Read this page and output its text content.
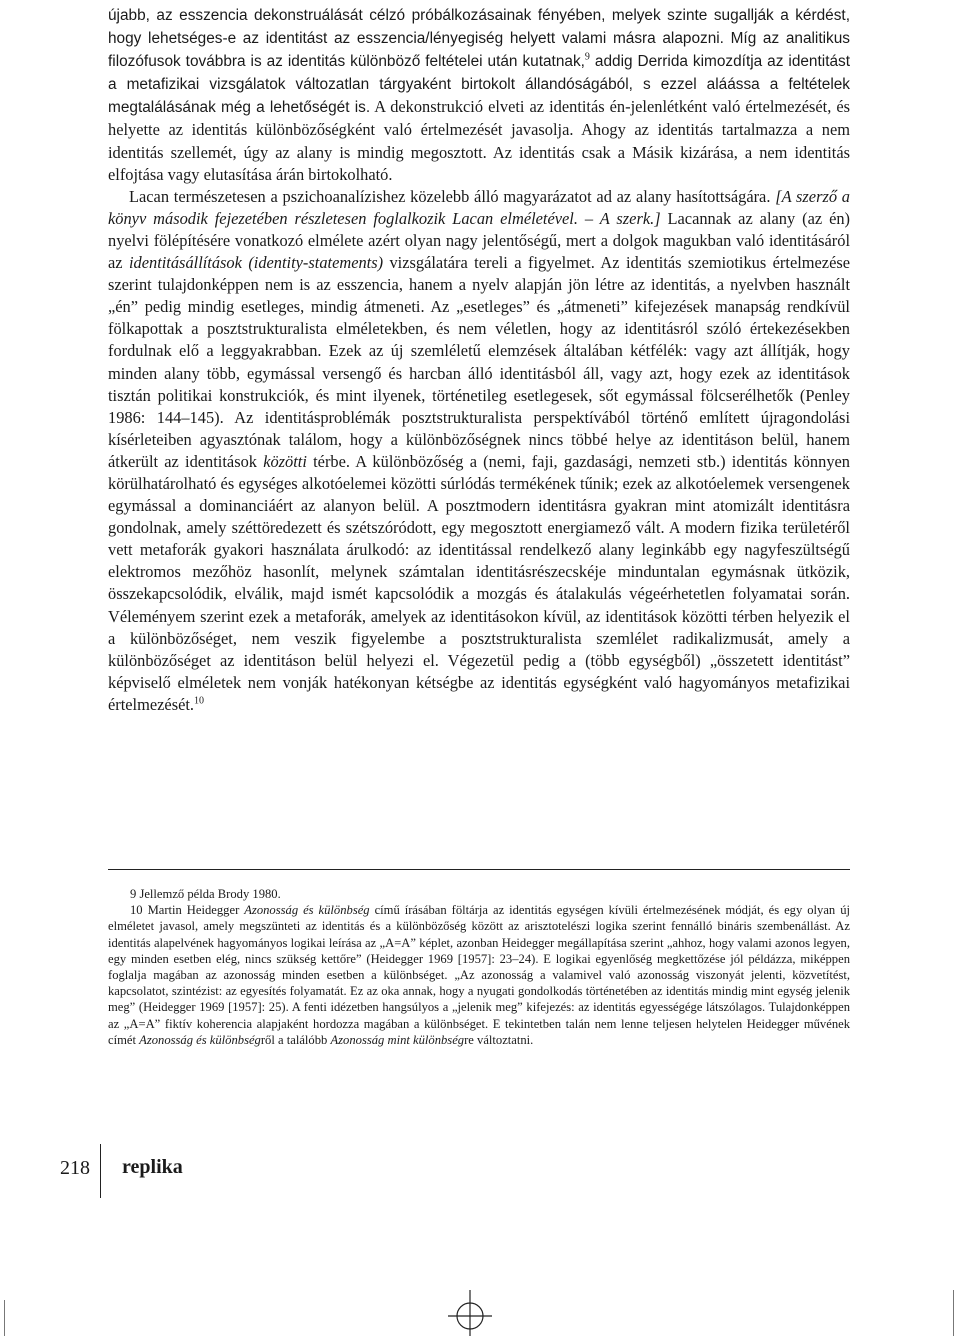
újabb, az esszencia dekonstruálását célzó próbálkozásainak fényében, melyek szinte sugallják a kérdést, hogy lehetséges-e az identitást az esszencia/lényegiség helyett valami másra alapozni. Míg az analitikus filozófusok továbbra is az identitás különböző feltételei után kutatnak,$^9$ addig Derrida kimozdítja az identitást a metafizikai vizsgálatok változatlan tárgyaként birtokolt állandóságából, s ezzel aláássa a feltételek megtalálásának még a lehetőségét is. A dekonstrukció elveti az identitás én-jelenlétként való értelmezését, és helyette az identitás különbözőségként való értelmezését javasolja. Ahogy az identitás tartalmazza a nem identitás szellemét, úgy az alany is mindig megosztott. Az identitás csak a Másik kizárása, a nem identitás elfojtása vagy elutasítása árán birtokolható.

Lacan természetesen a pszichoanalízishez közelebb álló magyarázatot ad az alany hasítottságára. [A szerző a könyv második fejezetében részletesen foglalkozik Lacan elméletével. – A szerk.] Lacannak az alany (az én) nyelvi fölépítésére vonatkozó elmélete azért olyan nagy jelentőségű, mert a dolgok magukban való identitásáról az identitásállítások (identity-statements) vizsgálatára tereli a figyelmet. Az identitás szemiotikus értelmezése szerint tulajdonképpen nem is az esszencia, hanem a nyelv alapján jön létre az identitás, a nyelvben használt „én” pedig mindig esetleges, mindig átmeneti. Az „esetleges” és „átmeneti” kifejezések manapság rendkívül fölkapottak a posztstrukturalista elméletekben, és nem véletlen, hogy az identitásról szóló értekezésekben fordulnak elő a leggyakrabban. Ezek az új szemléletű elemzések általában kétfélék: vagy azt állítják, hogy minden alany több, egymással versengő és harcban álló identitásból áll, vagy azt, hogy ezek az identitások tisztán politikai konstrukciók, és mint ilyenek, történetileg esetlegesek, sőt egymással fölcserélhetők (Penley 1986: 144–145). Az identitásproblémák posztstrukturalista perspektívából történő említett újragondolási kísérleteiben agyasztónak találom, hogy a különbözőségnek nincs többé helye az identitáson belül, hanem átkerült az identitások közötti térbe. A különbözőség a (nemi, faji, gazdasági, nemzeti stb.) identitás könnyen körülhatárolható és egységes alkotóelemei közötti súrlódás termékének tűnik; ezek az alkotóelemek versengenek egymással a dominanciáért az alanyon belül. A posztmodern identitásra gyakran mint atomizált identitásra gondolnak, amely széttöredezett és szétszóródott, egy megosztott energiamező vált. A modern fizika területéről vett metaforák gyakori használata árulkodó: az identitással rendelkező alany leginkább egy nagyfeszültségű elektromos mezőhöz hasonlít, melynek számtalan identitásrészecskéje minduntalan egymásnak ütközik, összekapcsolódik, elválik, majd ismét kapcsolódik a mozgás és átalakulás végeérhetetlen folyamatai során. Véleményem szerint ezek a metaforák, amelyek az identitásokon kívül, az identitások közötti térben helyezik el a különbözőséget, nem veszik figyelembe a posztstrukturalista szemlélet radikalizmusát, amely a különbözőséget az identitáson belül helyezi el. Végezetül pedig a (több egységből) „összetett identitást” képviselő elméletek nem vonják hatékonyan kétségbe az identitás egységként való hagyományos metafizikai értelmezését.$^{10}$

9 Jellemző példa Brody 1980.

10 Martin Heidegger Azonosság és különbség című írásában föltárja az identitás egységen kívüli értelmezésének módját, és egy olyan új elméletet javasol, amely megszünteti az identitás és a különbözőség között az arisztotelészi logika szerint fennálló bináris szembenállást. Az identitás alapelvének hagyományos logikai leírása az „A=A” képlet, azonban Heidegger megállapítása szerint „ahhoz, hogy valami azonos legyen, egy minden esetben elég, nincs szükség kettőre” (Heidegger 1969 [1957]: 23–24). E logikai egyenlőség megkettőzése jól példázza, miképpen foglalja magában az azonosság minden esetben a különbséget. „Az azonosság a valamivel való azonosság viszonyát jelenti, közvetítést, kapcsolatot, szintézist: az egyesítés folyamatát. Ez az oka annak, hogy a nyugati gondolkodás történetében az identitás mindig mint egység jelenik meg” (Heidegger 1969 [1957]: 25). A fenti idézetben hangsúlyos a „jelenik meg” kifejezés: az identitás egyességége látszólagos. Tulajdonképpen az „A=A” fiktív koherencia alapjaként hordozza magában a különbséget. E tekintetben talán nem lenne teljesen helytelen Heidegger művének címét Azonosság és különbségről a találóbb Azonosság mint különbségre változtatni.

218 replika
